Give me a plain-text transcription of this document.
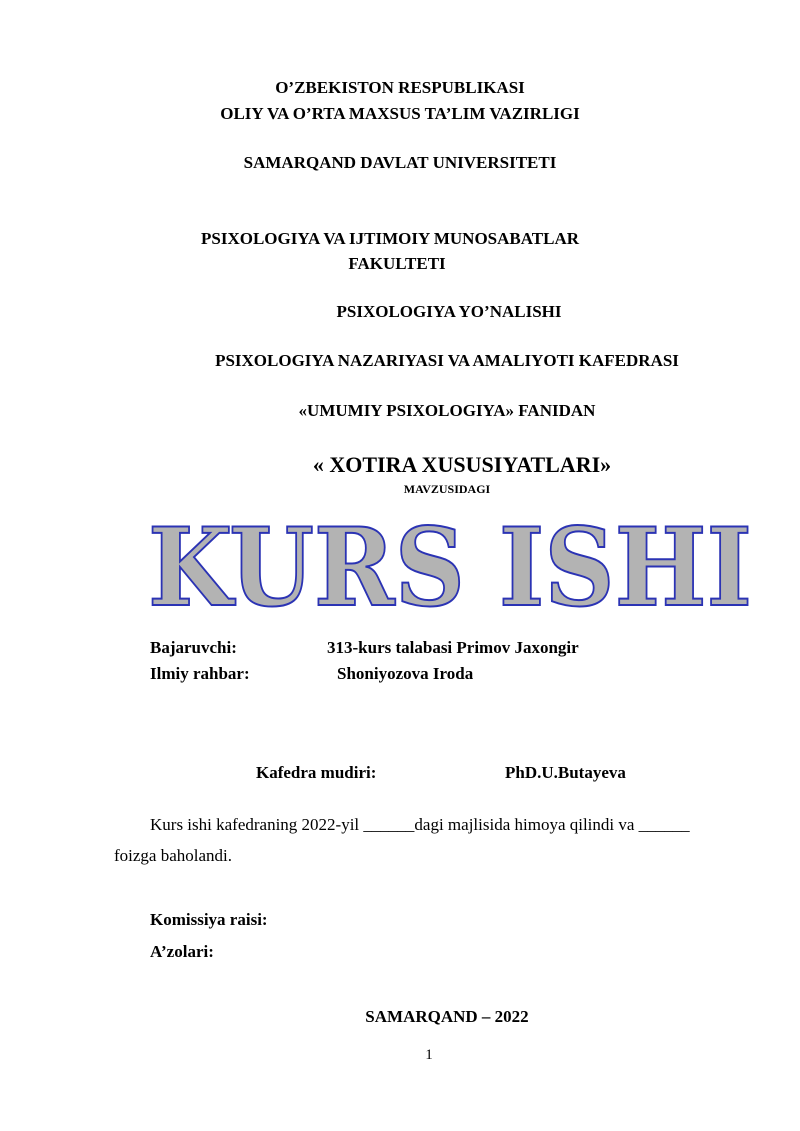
O’ZBEKISTON RESPUBLIKASI
OLIY VA O’RTA MAXSUS TA’LIM VAZIRLIGI
SAMARQAND DAVLAT UNIVERSITETI
PSIXOLOGIYA VA IJTIMOIY MUNOSABATLAR
FAKULTETI
PSIXOLOGIYA YO’NALISHI
PSIXOLOGIYA NAZARIYASI VA AMALIYOTI KAFEDRASI
«UMUMIY PSIXOLOGIYA» FANIDAN
« XOTIRA XUSUSIYATLARI»
MAVZUSIDAGI
KURS ISHI
Bajaruvchi:	313-kurs talabasi Primov Jaxongir
Ilmiy rahbar:	Shoniyozova Iroda
Kafedra mudiri:	PhD.U.Butayeva
Kurs ishi kafedraning 2022-yil ______dagi majlisida himoya qilindi va ______
foizga baholandi.
Komissiya raisi:
A’zolari:
SAMARQAND – 2022
1
